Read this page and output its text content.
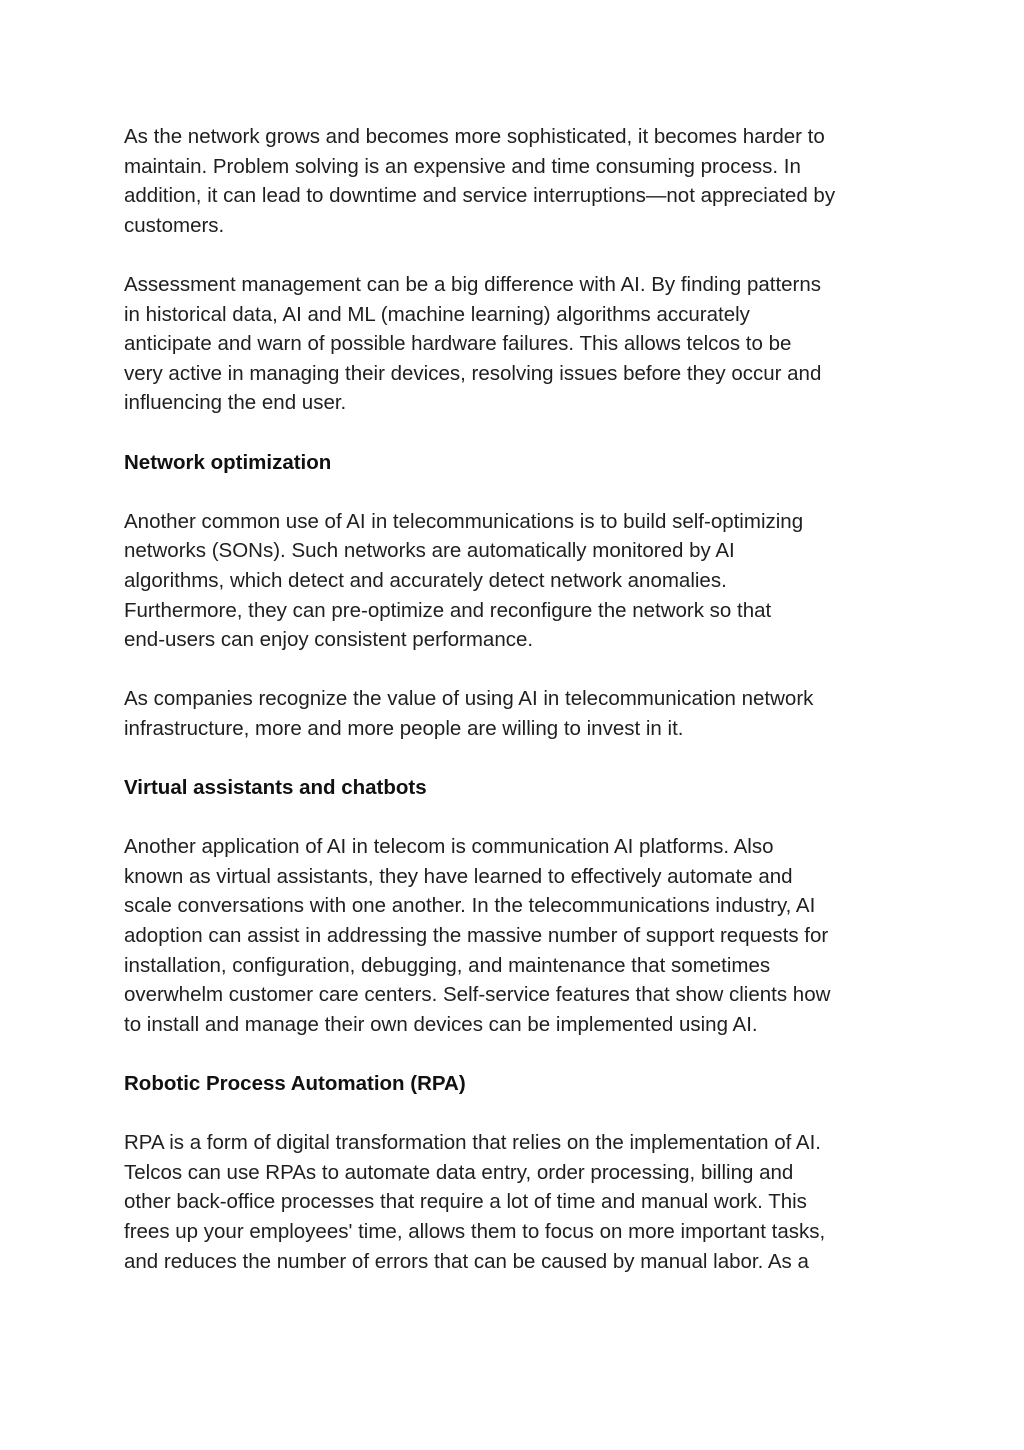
As the network grows and becomes more sophisticated, it becomes harder to
maintain. Problem solving is an expensive and time consuming process. In
addition, it can lead to downtime and service interruptions—not appreciated by
customers.

Assessment management can be a big difference with AI. By finding patterns
in historical data, AI and ML (machine learning) algorithms accurately
anticipate and warn of possible hardware failures. This allows telcos to be
very active in managing their devices, resolving issues before they occur and
influencing the end user.

Network optimization

Another common use of AI in telecommunications is to build self-optimizing
networks (SONs). Such networks are automatically monitored by AI
algorithms, which detect and accurately detect network anomalies.
Furthermore, they can pre-optimize and reconfigure the network so that
end-users can enjoy consistent performance.

As companies recognize the value of using AI in telecommunication network
infrastructure, more and more people are willing to invest in it.

Virtual assistants and chatbots

Another application of AI in telecom is communication AI platforms. Also
known as virtual assistants, they have learned to effectively automate and
scale conversations with one another. In the telecommunications industry, AI
adoption can assist in addressing the massive number of support requests for
installation, configuration, debugging, and maintenance that sometimes
overwhelm customer care centers. Self-service features that show clients how
to install and manage their own devices can be implemented using AI.

Robotic Process Automation (RPA)

RPA is a form of digital transformation that relies on the implementation of AI.
Telcos can use RPAs to automate data entry, order processing, billing and
other back-office processes that require a lot of time and manual work. This
frees up your employees' time, allows them to focus on more important tasks,
and reduces the number of errors that can be caused by manual labor. As a
